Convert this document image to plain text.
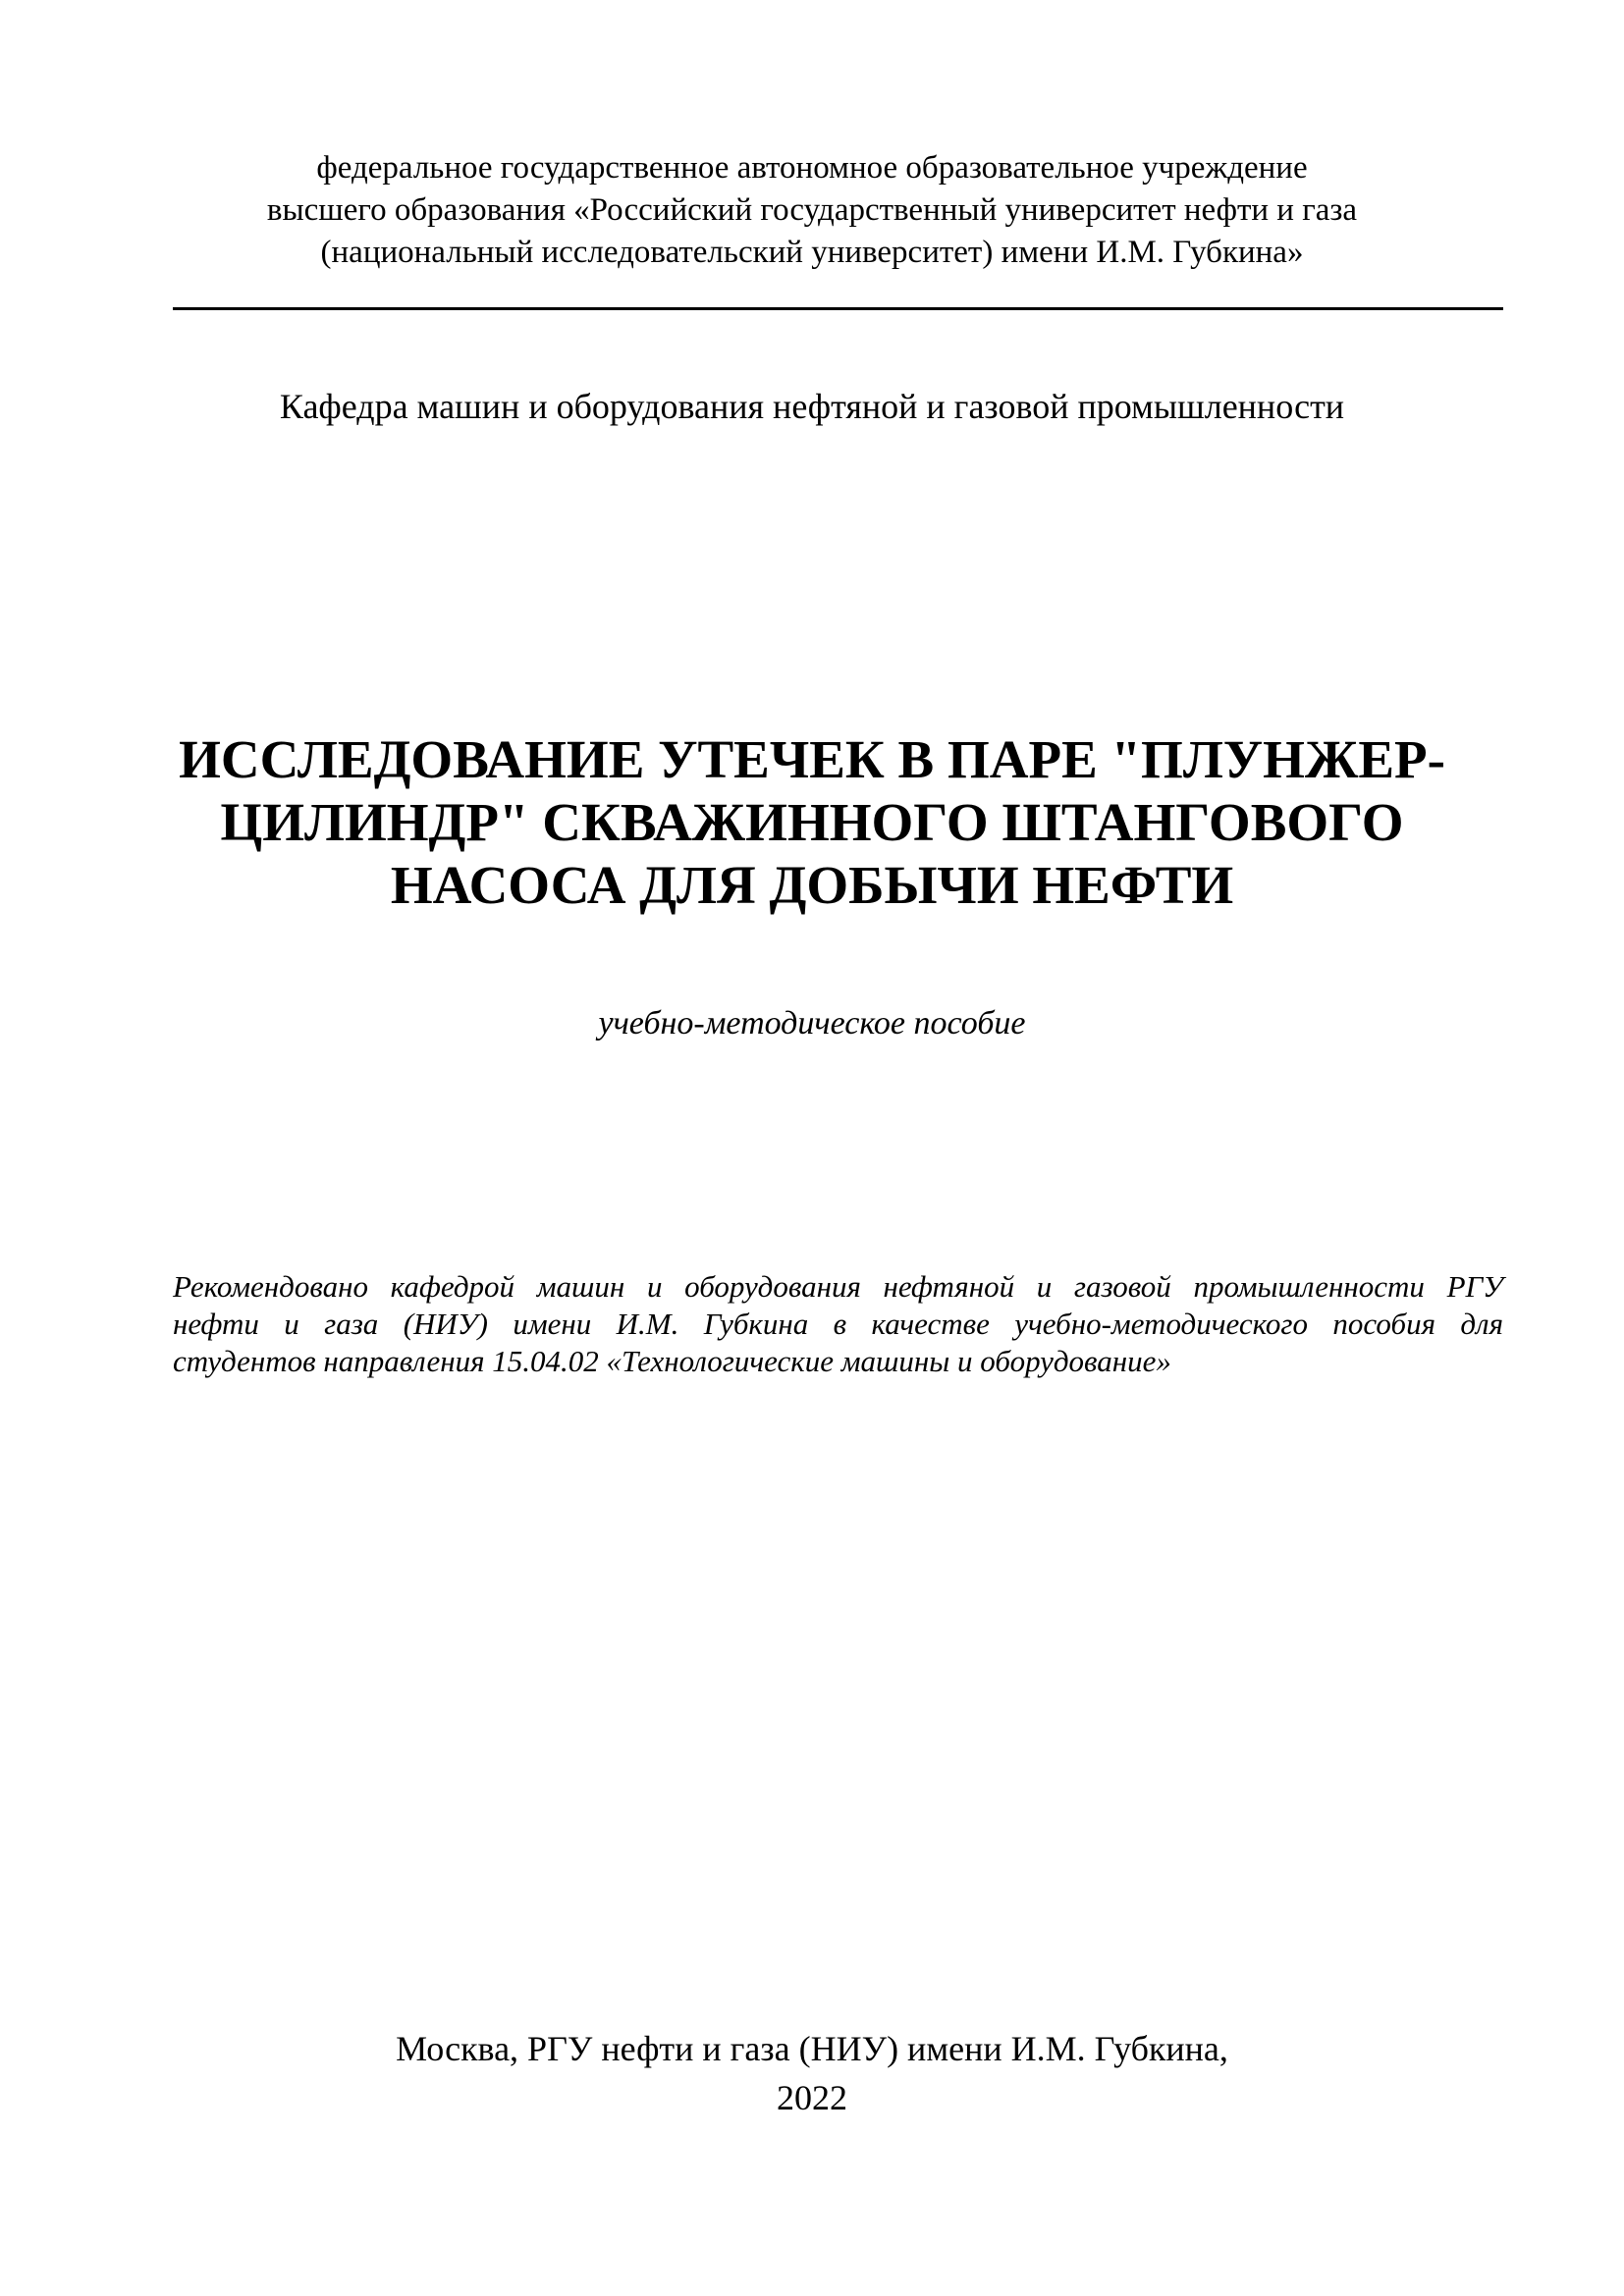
федеральное государственное автономное образовательное учреждение
высшего образования «Российский государственный университет нефти и газа
(национальный исследовательский университет) имени И.М. Губкина»
Кафедра машин и оборудования нефтяной и газовой промышленности
ИССЛЕДОВАНИЕ УТЕЧЕК В ПАРЕ "ПЛУНЖЕР-
ЦИЛИНДР" СКВАЖИННОГО ШТАНГОВОГО
НАСОСА ДЛЯ ДОБЫЧИ НЕФТИ
учебно-методическое пособие
Рекомендовано кафедрой машин и оборудования нефтяной и газовой промышленности РГУ
нефти и газа (НИУ) имени И.М. Губкина в качестве учебно-методического пособия для
студентов направления 15.04.02 «Технологические машины и оборудование»
Москва, РГУ нефти и газа (НИУ) имени И.М. Губкина,
2022
